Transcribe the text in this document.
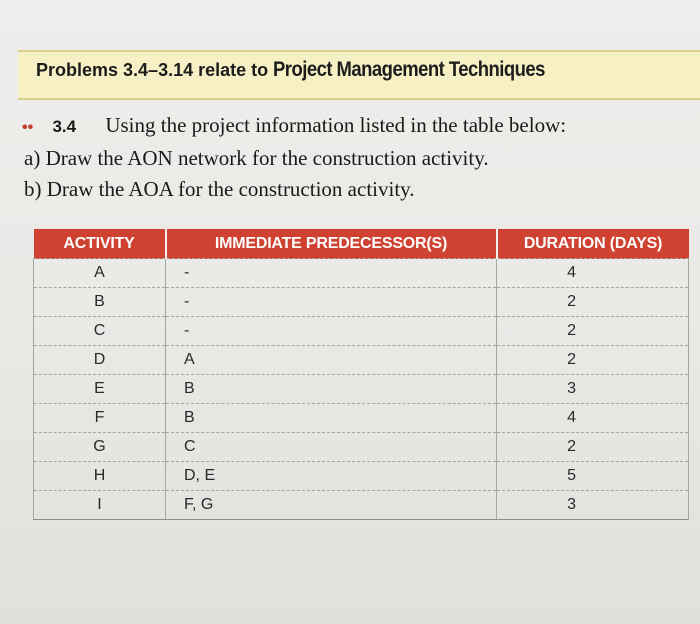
Problems 3.4–3.14 relate to Project Management Techniques
•• 3.4 Using the project information listed in the table below:
a) Draw the AON network for the construction activity.
b) Draw the AOA for the construction activity.
ACTIVITY	IMMEDIATE PREDECESSOR(S)	DURATION (DAYS)
A	-	4
B	-	2
C	-	2
D	A	2
E	B	3
F	B	4
G	C	2
H	D, E	5
I	F, G	3
